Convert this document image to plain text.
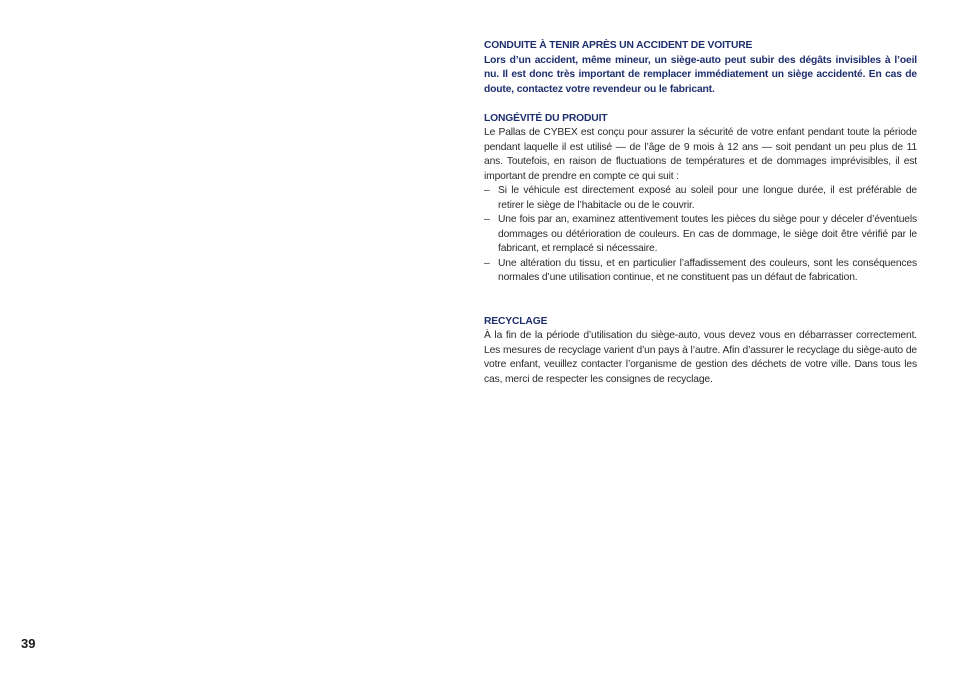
CONDUITE À TENIR APRÈS UN ACCIDENT DE VOITURE

Lors d’un accident, même mineur, un siège-auto peut subir des dégâts invisibles à l’oeil nu. Il est donc très important de remplacer immédiatement un siège accidenté. En cas de doute, contactez votre revendeur ou le fabricant.

LONGÉVITÉ DU PRODUIT

Le Pallas de CYBEX est conçu pour assurer la sécurité de votre enfant pendant toute la période pendant laquelle il est utilisé — de l’âge de 9 mois à 12 ans — soit pendant un peu plus de 11 ans. Toutefois, en raison de fluctuations de températures et de dommages imprévisibles, il est important de prendre en compte ce qui suit :

– Si le véhicule est directement exposé au soleil pour une longue durée, il est préférable de retirer le siège de l’habitacle ou de le couvrir.
– Une fois par an, examinez attentivement toutes les pièces du siège pour y déceler d’éventuels dommages ou détérioration de couleurs. En cas de dommage, le siège doit être vérifié par le fabricant, et remplacé si nécessaire.
– Une altération du tissu, et en particulier l’affadissement des couleurs, sont les conséquences normales d’une utilisation continue, et ne constituent pas un défaut de fabrication.

RECYCLAGE

À la fin de la période d’utilisation du siège-auto, vous devez vous en débarrasser correctement. Les mesures de recyclage varient d’un pays à l’autre. Afin d’assurer le recyclage du siège-auto de votre enfant, veuillez contacter l’organisme de gestion des déchets de votre ville. Dans tous les cas, merci de respecter les consignes de recyclage.

39
